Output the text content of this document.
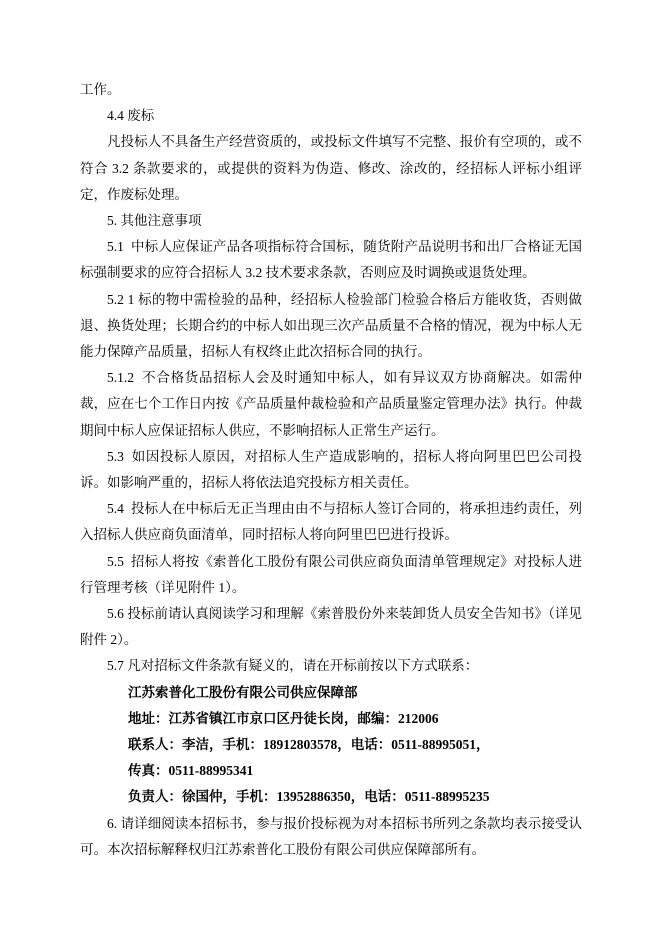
工作。

4.4 废标

凡投标人不具备生产经营资质的，或投标文件填写不完整、报价有空项的，或不符合 3.2 条款要求的，或提供的资料为伪造、修改、涂改的，经招标人评标小组评定，作废标处理。

5. 其他注意事项

5.1  中标人应保证产品各项指标符合国标，随货附产品说明书和出厂合格证无国标强制要求的应符合招标人 3.2 技术要求条款，否则应及时调换或退货处理。

5.2 1 标的物中需检验的品种，经招标人检验部门检验合格后方能收货，否则做退、换货处理；长期合约的中标人如出现三次产品质量不合格的情况，视为中标人无能力保障产品质量，招标人有权终止此次招标合同的执行。

5.1.2  不合格货品招标人会及时通知中标人，如有异议双方协商解决。如需仲裁，应在七个工作日内按《产品质量仲裁检验和产品质量鉴定管理办法》执行。仲裁期间中标人应保证招标人供应，不影响招标人正常生产运行。

5.3  如因投标人原因，对招标人生产造成影响的，招标人将向阿里巴巴公司投诉。如影响严重的，招标人将依法追究投标方相关责任。

5.4  投标人在中标后无正当理由由不与招标人签订合同的，将承担违约责任，列入招标人供应商负面清单，同时招标人将向阿里巴巴进行投诉。

5.5  招标人将按《索普化工股份有限公司供应商负面清单管理规定》对投标人进行管理考核（详见附件 1）。

5.6 投标前请认真阅读学习和理解《索普股份外来装卸货人员安全告知书》（详见附件 2）。

5.7 凡对招标文件条款有疑义的，请在开标前按以下方式联系：

江苏索普化工股份有限公司供应保障部

地址：江苏省镇江市京口区丹徒长岗，邮编：212006

联系人：李洁，手机：18912803578，电话：0511-88995051，

传真：0511-88995341

负责人：徐国仲，手机：13952886350，电话：0511-88995235

6. 请详细阅读本招标书，参与报价投标视为对本招标书所列之条款均表示接受认可。本次招标解释权归江苏索普化工股份有限公司供应保障部所有。
